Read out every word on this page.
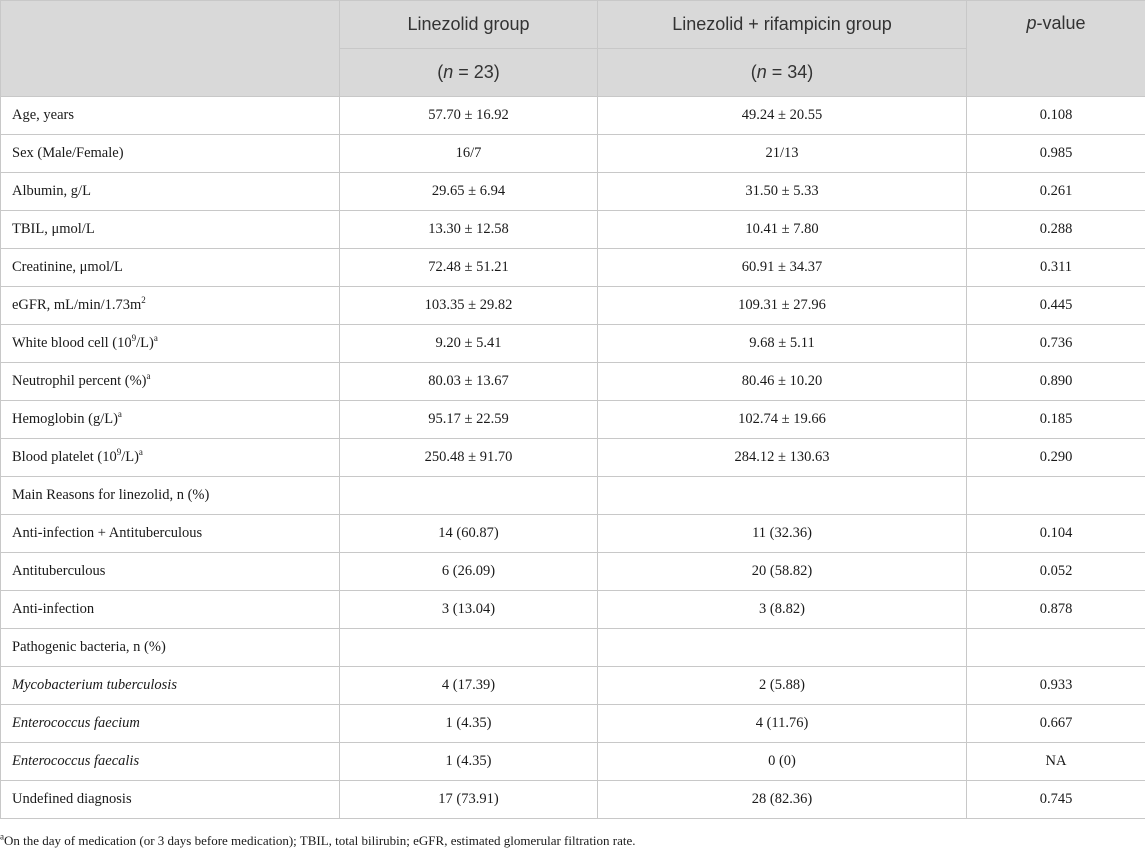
	Linezolid group	Linezolid + rifampicin group	p-value
	(n = 23)	(n = 34)	
Age, years	57.70 ± 16.92	49.24 ± 20.55	0.108
Sex (Male/Female)	16/7	21/13	0.985
Albumin, g/L	29.65 ± 6.94	31.50 ± 5.33	0.261
TBIL, μmol/L	13.30 ± 12.58	10.41 ± 7.80	0.288
Creatinine, μmol/L	72.48 ± 51.21	60.91 ± 34.37	0.311
eGFR, $mL/\min/1.73m^2$	103.35 ± 29.82	109.31 ± 27.96	0.445
White blood cell $(10^9/L)^a$	9.20 ± 5.41	9.68 ± 5.11	0.736
Neutrophil percent (%)$^a$	80.03 ± 13.67	80.46 ± 10.20	0.890
Hemoglobin $(g/L)^a$	95.17 ± 22.59	102.74 ± 19.66	0.185
Blood platelet $(10^9/L)^a$	250.48 ± 91.70	284.12 ± 130.63	0.290
Main Reasons for linezolid, n (%)			
Anti-infection + Antituberculous	14 (60.87)	11 (32.36)	0.104
Antituberculous	6 (26.09)	20 (58.82)	0.052
Anti-infection	3 (13.04)	3 (8.82)	0.878
Pathogenic bacteria, n (%)			
Mycobacterium tuberculosis	4 (17.39)	2 (5.88)	0.933
Enterococcus faecium	1 (4.35)	4 (11.76)	0.667
Enterococcus faecalis	1 (4.35)	0 (0)	NA
Undefined diagnosis	17 (73.91)	28 (82.36)	0.745
$^a$On the day of medication (or 3 days before medication); TBIL, total bilirubin; eGFR, estimated glomerular filtration rate.
